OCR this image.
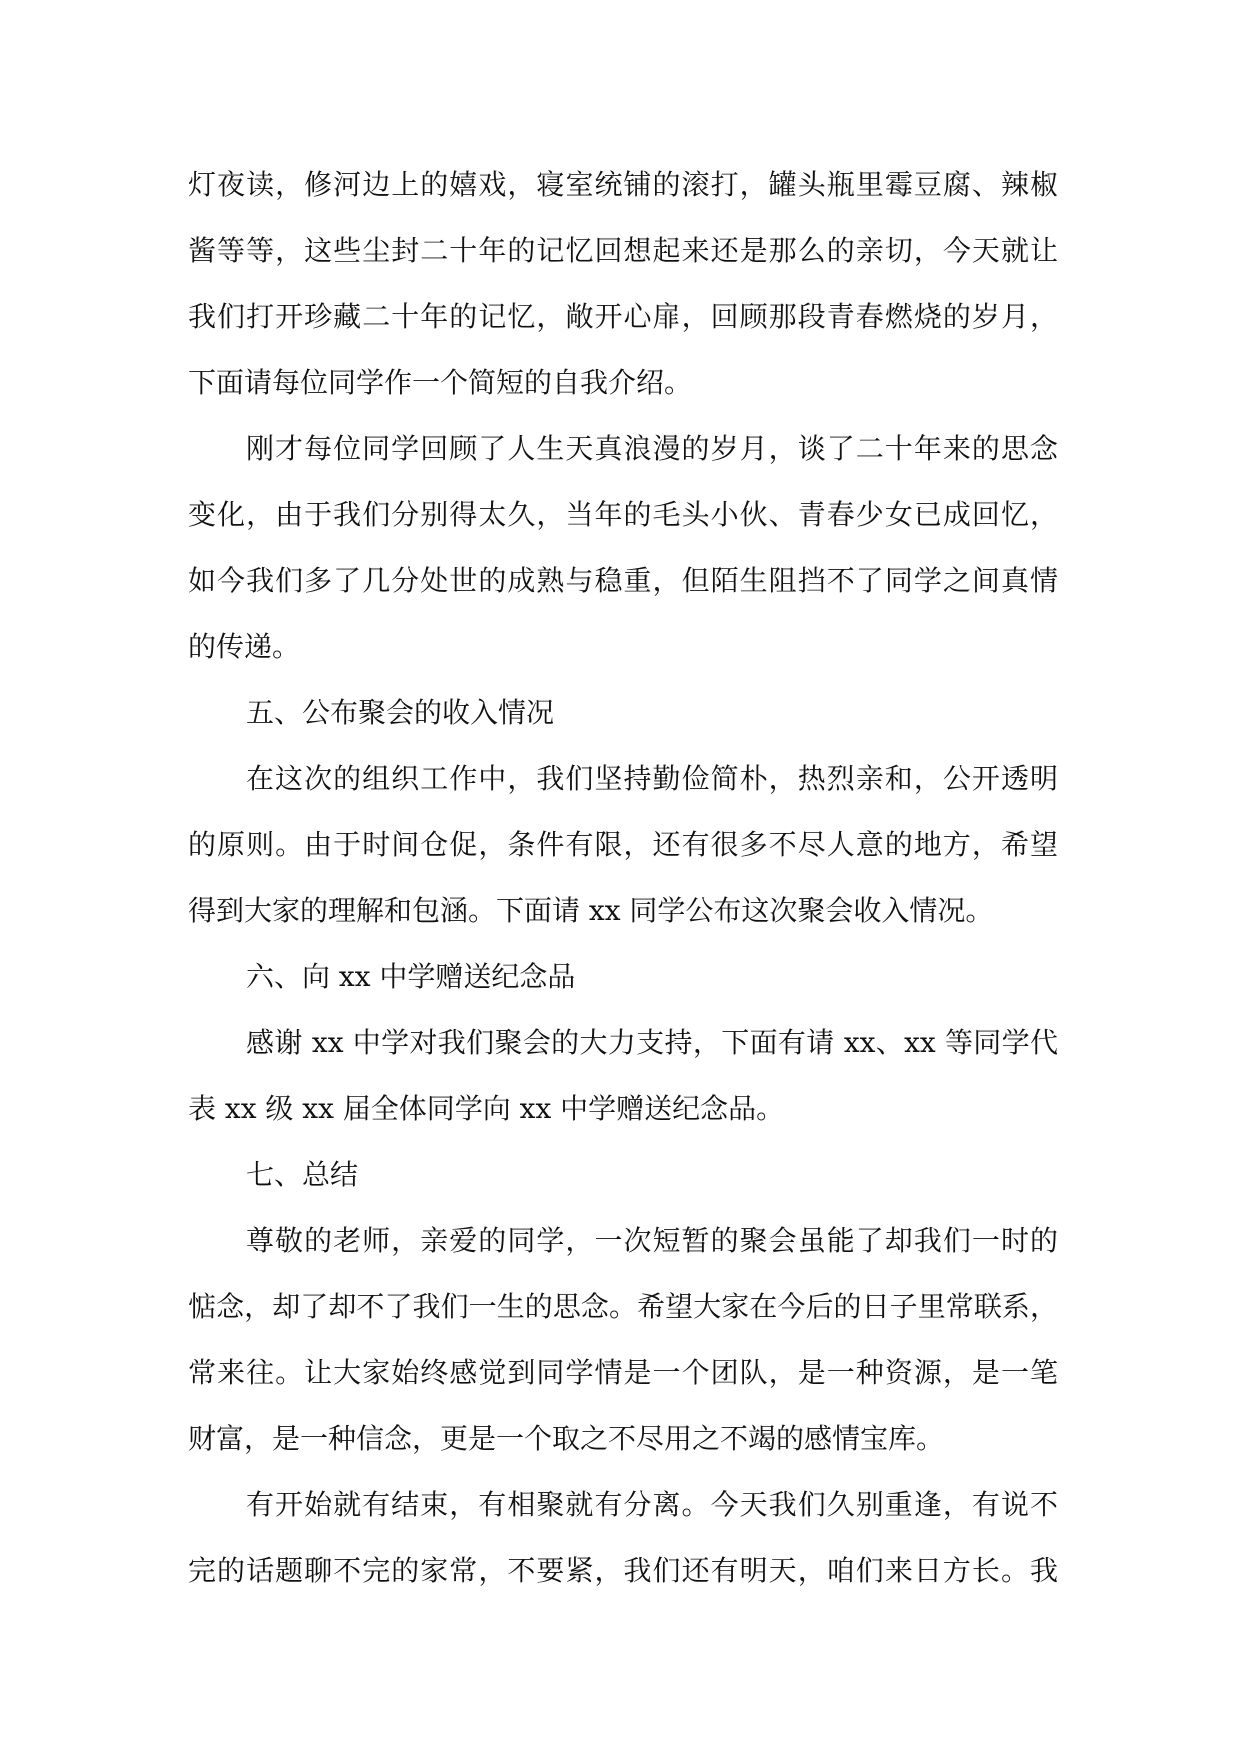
灯夜读，修河边上的嬉戏，寝室统铺的滚打，罐头瓶里霉豆腐、辣椒
酱等等，这些尘封二十年的记忆回想起来还是那么的亲切，今天就让
我们打开珍藏二十年的记忆，敞开心扉，回顾那段青春燃烧的岁月，
下面请每位同学作一个简短的自我介绍。
刚才每位同学回顾了人生天真浪漫的岁月，谈了二十年来的思念
变化，由于我们分别得太久，当年的毛头小伙、青春少女已成回忆，
如今我们多了几分处世的成熟与稳重，但陌生阻挡不了同学之间真情
的传递。
五、公布聚会的收入情况
在这次的组织工作中，我们坚持勤俭简朴，热烈亲和，公开透明
的原则。由于时间仓促，条件有限，还有很多不尽人意的地方，希望
得到大家的理解和包涵。下面请 xx 同学公布这次聚会收入情况。
六、向 xx 中学赠送纪念品
感谢 xx 中学对我们聚会的大力支持，下面有请 xx、xx 等同学代
表 xx 级 xx 届全体同学向 xx 中学赠送纪念品。
七、总结
尊敬的老师，亲爱的同学，一次短暂的聚会虽能了却我们一时的
惦念，却了却不了我们一生的思念。希望大家在今后的日子里常联系，
常来往。让大家始终感觉到同学情是一个团队，是一种资源，是一笔
财富，是一种信念，更是一个取之不尽用之不竭的感情宝库。
有开始就有结束，有相聚就有分离。今天我们久别重逢，有说不
完的话题聊不完的家常，不要紧，我们还有明天，咱们来日方长。我
